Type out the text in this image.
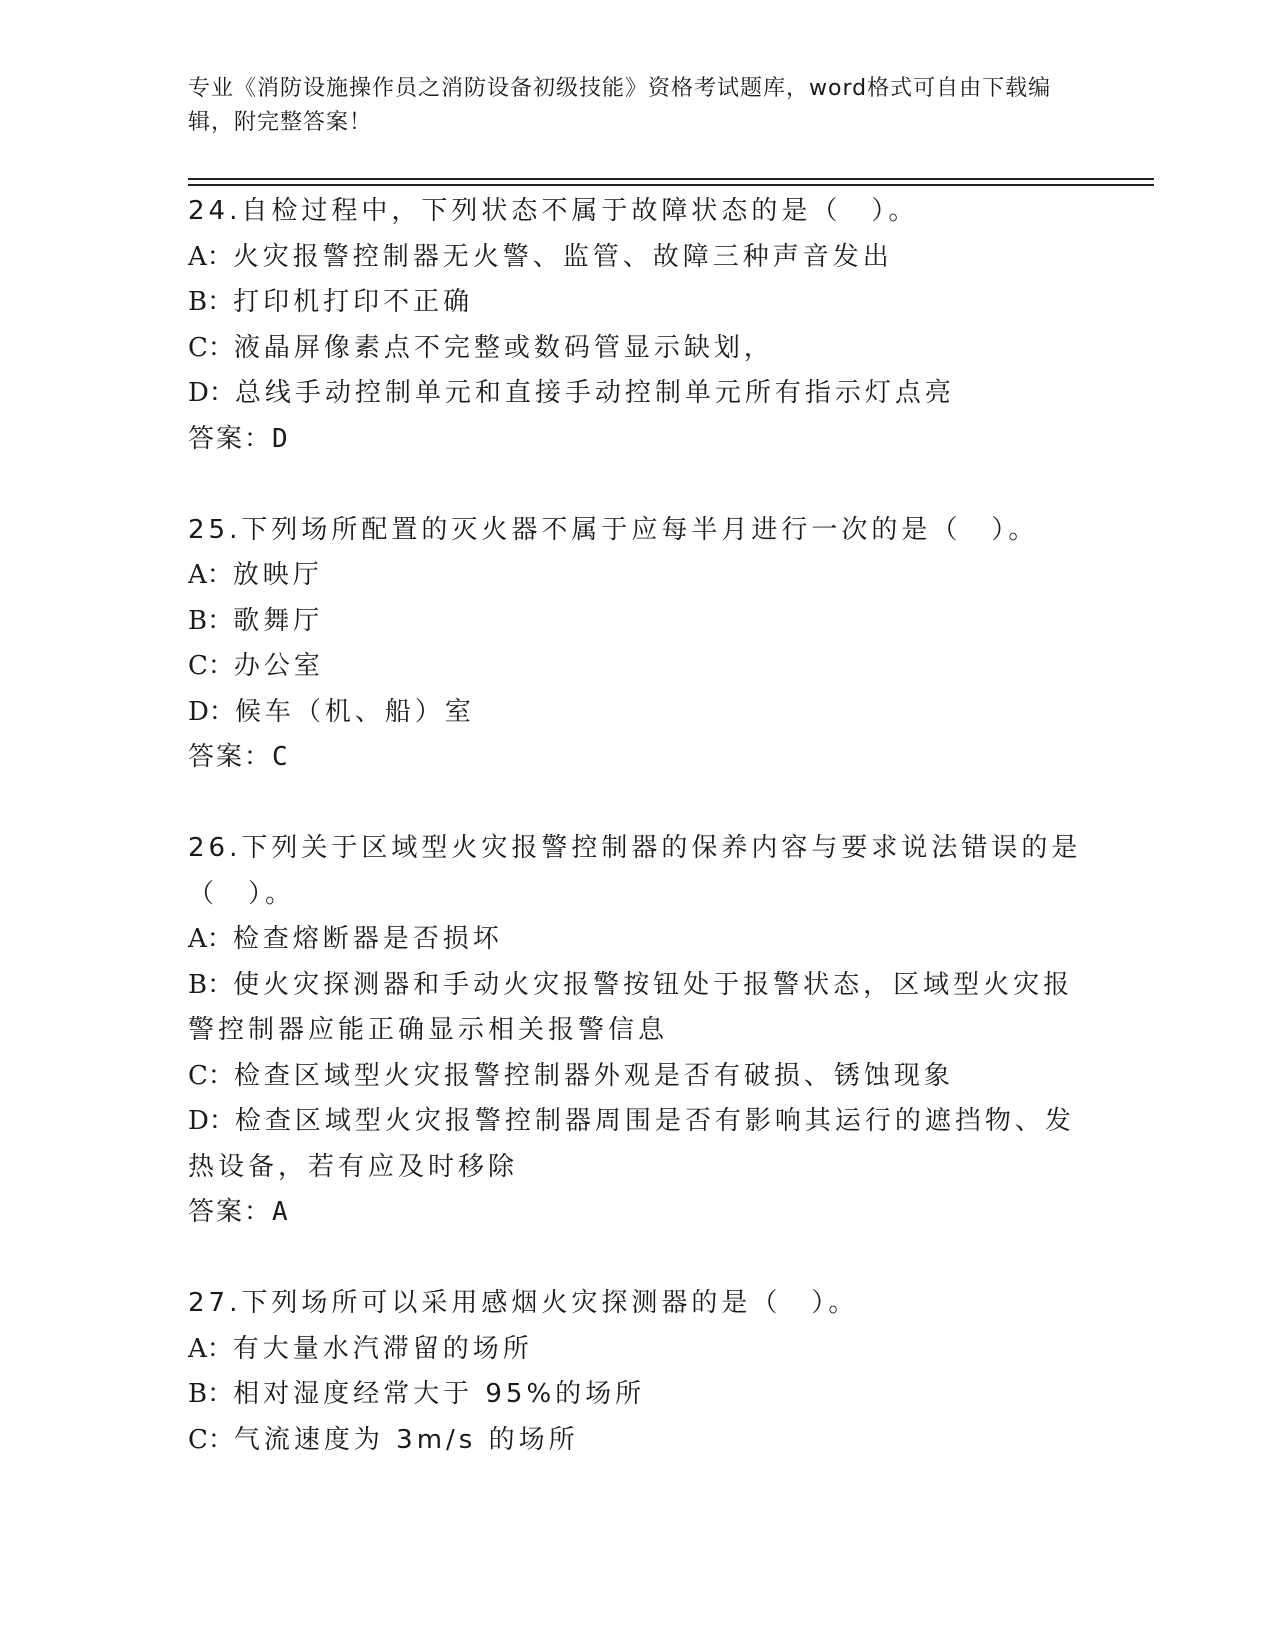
专业《消防设施操作员之消防设备初级技能》资格考试题库，word格式可自由下载编辑，附完整答案！
24.自检过程中，下列状态不属于故障状态的是（　）。
A：火灾报警控制器无火警、监管、故障三种声音发出
B：打印机打印不正确
C：液晶屏像素点不完整或数码管显示缺划，
D：总线手动控制单元和直接手动控制单元所有指示灯点亮
答案：D
25.下列场所配置的灭火器不属于应每半月进行一次的是（　）。
A：放映厅
B：歌舞厅
C：办公室
D：候车（机、船）室
答案：C
26.下列关于区域型火灾报警控制器的保养内容与要求说法错误的是（　）。
A：检查熔断器是否损坏
B：使火灾探测器和手动火灾报警按钮处于报警状态，区域型火灾报警控制器应能正确显示相关报警信息
C：检查区域型火灾报警控制器外观是否有破损、锈蚀现象
D：检查区域型火灾报警控制器周围是否有影响其运行的遮挡物、发热设备，若有应及时移除
答案：A
27.下列场所可以采用感烟火灾探测器的是（　）。
A：有大量水汽滞留的场所
B：相对湿度经常大于 95%的场所
C：气流速度为 3m/s 的场所
